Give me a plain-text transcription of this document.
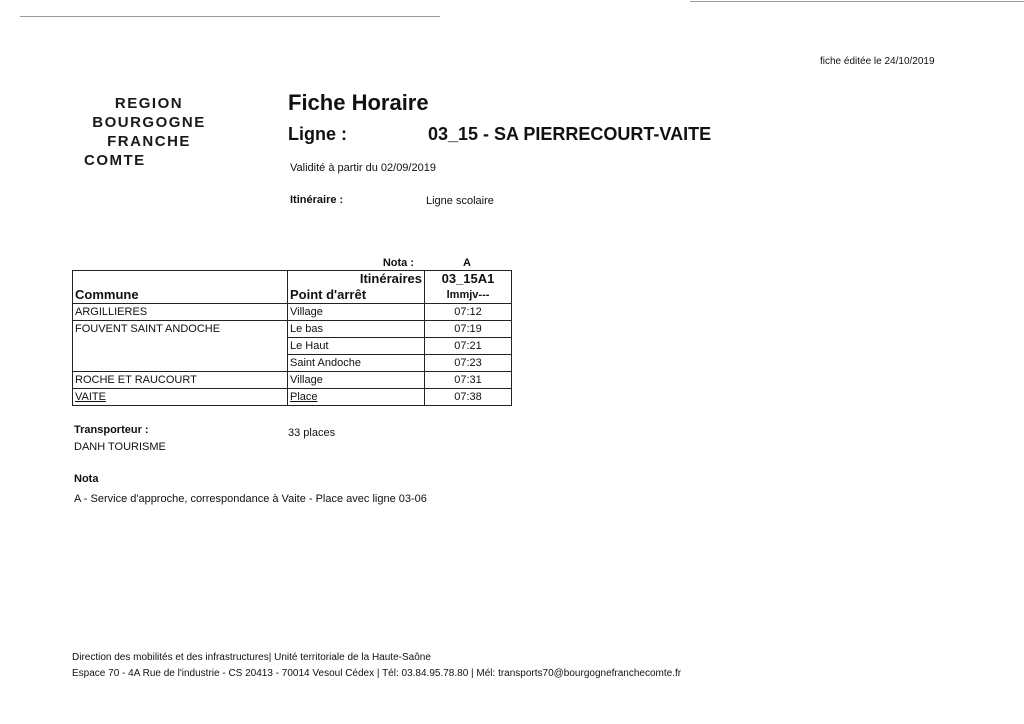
fiche éditée le 24/10/2019
REGION
BOURGOGNE
FRANCHE
COMTE
Fiche Horaire
Ligne :	03_15 - SA PIERRECOURT-VAITE
Validité à partir du 02/09/2019
Itinéraire :	Ligne scolaire
Nota :	A
	Itinéraires	03_15A1
Commune	Point d'arrêt	lmmjv---
ARGILLIERES	Village	07:12
FOUVENT SAINT ANDOCHE	Le bas	07:19
	Le Haut	07:21
	Saint Andoche	07:23
ROCHE ET RAUCOURT	Village	07:31
VAITE	Place	07:38
Transporteur :
DANH TOURISME
33 places
Nota
A - Service d'approche, correspondance à Vaite - Place avec ligne 03-06
Direction des mobilités et des infrastructures| Unité territoriale de la Haute-Saône
Espace 70 - 4A Rue de l'industrie - CS 20413 - 70014 Vesoul Cédex | Tél: 03.84.95.78.80 | Mél: transports70@bourgognefranchecomte.fr
